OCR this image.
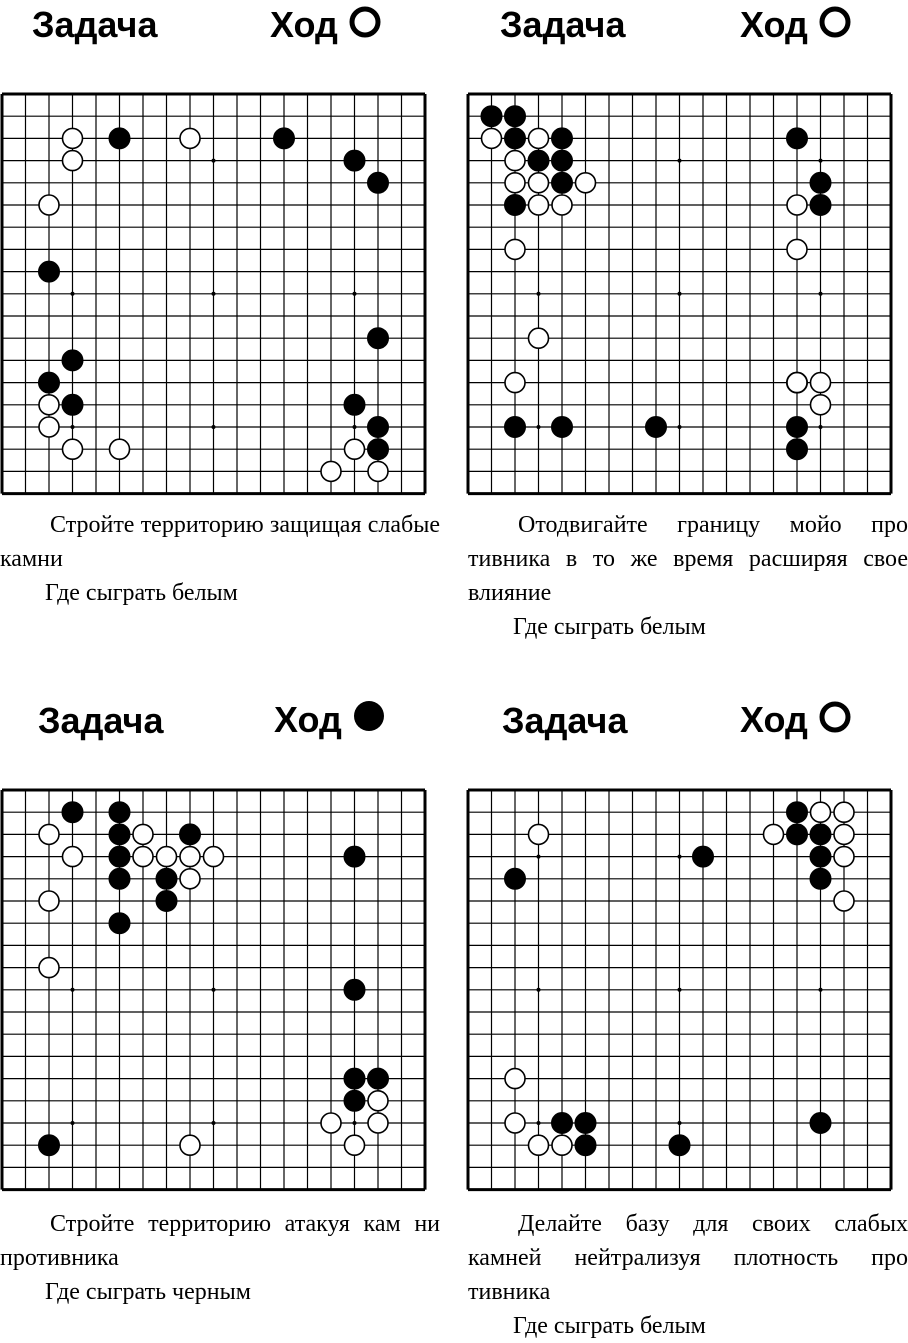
Задача	Ход

Стройте территорию защищая слабые камни

Где сыграть белым

Задача	Ход

Отодвигайте границу мойо про тивника в то же время расширяя свое влияние

Где сыграть белым

Задача	Ход

Стройте территорию атакуя кам ни противника

Где сыграть черным

Задача	Ход

Делайте базу для своих слабых камней нейтрализуя плотность про тивника

Где сыграть белым
